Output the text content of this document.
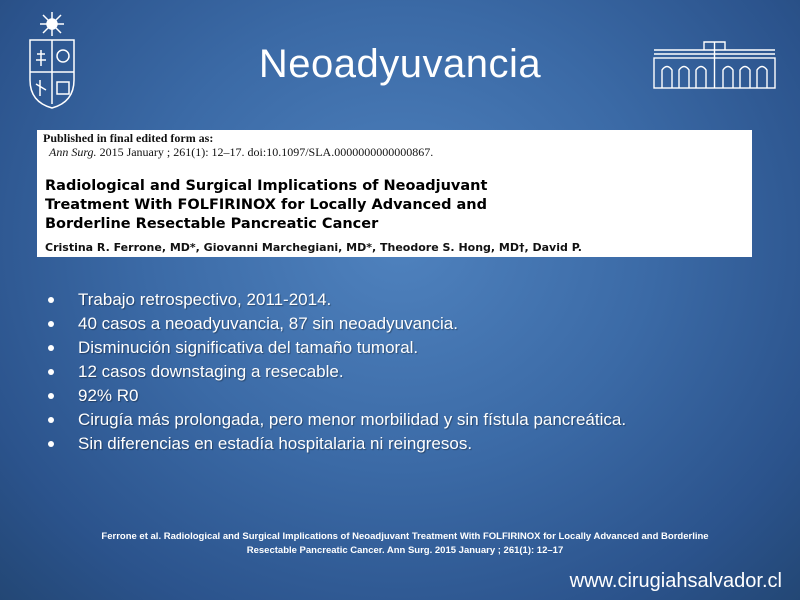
Neoadyuvancia
Published in final edited form as:
Ann Surg. 2015 January ; 261(1): 12–17. doi:10.1097/SLA.0000000000000867.
Radiological and Surgical Implications of Neoadjuvant
Treatment With FOLFIRINOX for Locally Advanced and
Borderline Resectable Pancreatic Cancer
Cristina R. Ferrone, MD*, Giovanni Marchegiani, MD*, Theodore S. Hong, MD†, David P.
Trabajo retrospectivo, 2011-2014.
40 casos a neoadyuvancia, 87 sin neoadyuvancia.
Disminución significativa del tamaño tumoral.
12 casos downstaging a resecable.
92% R0
Cirugía más prolongada, pero menor morbilidad y sin fístula pancreática.
Sin diferencias en estadía hospitalaria ni reingresos.
Ferrone et al. Radiological and Surgical Implications of Neoadjuvant Treatment With FOLFIRINOX for Locally Advanced and Borderline
Resectable Pancreatic Cancer. Ann Surg. 2015 January ; 261(1): 12–17
www.cirugiahsalvador.cl
